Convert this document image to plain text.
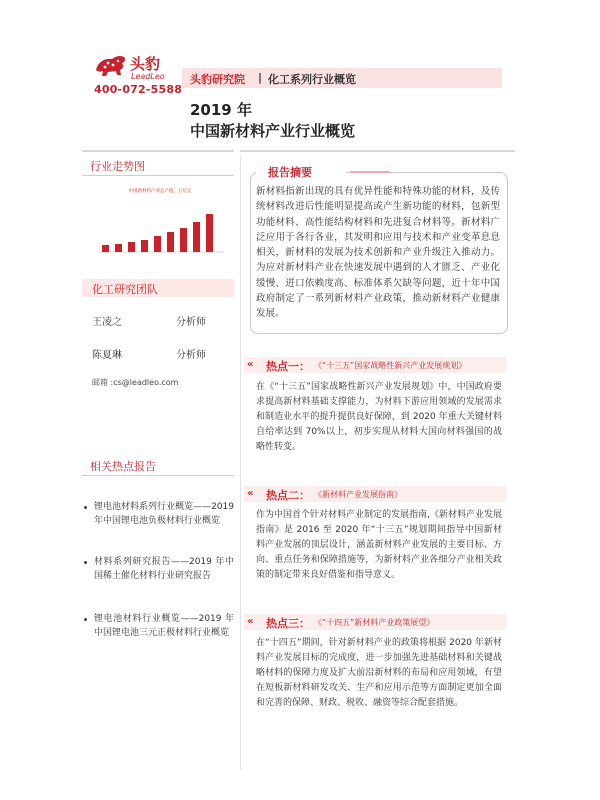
头豹
LeadLeo
400-072-5588
头豹研究院 | 化工系列行业概览
2019 年
中国新材料产业行业概览
行业走势图
中国新材料产业总产值，万亿元
化工研究团队
王凌之	分析师
陈夏琳	分析师
邮箱 :cs@leadleo.com
相关热点报告
锂电池材料系列行业概览——2019 年中国锂电池负极材料行业概览
材料系列研究报告——2019 年中国稀土催化材料行业研究报告
锂电池材料行业概览——2019 年中国锂电池三元正极材料行业概览
报告摘要
新材料指新出现的具有优异性能和特殊功能的材料，及传统材料改进后性能明显提高或产生新功能的材料，包新型功能材料、高性能结构材料和先进复合材料等。新材料广泛应用于各行各业，其发明和应用与技术和产业变革息息相关，新材料的发展为技术创新和产业升级注入推动力。为应对新材料产业在快速发展中遇到的人才匮乏、产业化缓慢、进口依赖度高、标准体系欠缺等问题，近十年中国政府制定了一系列新材料产业政策，推动新材料产业健康发展。
« 热点一： 《“十三五”国家战略性新兴产业发展规划》
在《“十三五”国家战略性新兴产业发展规划》中，中国政府要求提高新材料基础支撑能力，为材料下游应用领域的发展需求和制造业水平的提升提供良好保障，到 2020 年重大关键材料自给率达到 70%以上，初步实现从材料大国向材料强国的战略性转变。
« 热点二： 《新材料产业发展指南》
作为中国首个针对材料产业制定的发展指南,《新材料产业发展指南》是 2016 至 2020 年“十三五”规划期间指导中国新材料产业发展的顶层设计，涵盖新材料产业发展的主要目标、方向、重点任务和保障措施等，为新材料产业各细分产业相关政策的制定带来良好借鉴和指导意义。
« 热点三： 《“十四五”新材料产业政策展望》
在“十四五”期间，针对新材料产业的政策将根据 2020 年新材料产业发展目标的完成度，进一步加强先进基础材料和关键战略材料的保障力度及扩大前沿新材料的布局和应用领域，有望在短板新材料研发攻关、生产和应用示范等方面制定更加全面和完善的保障、财政、税收、融资等综合配套措施。
